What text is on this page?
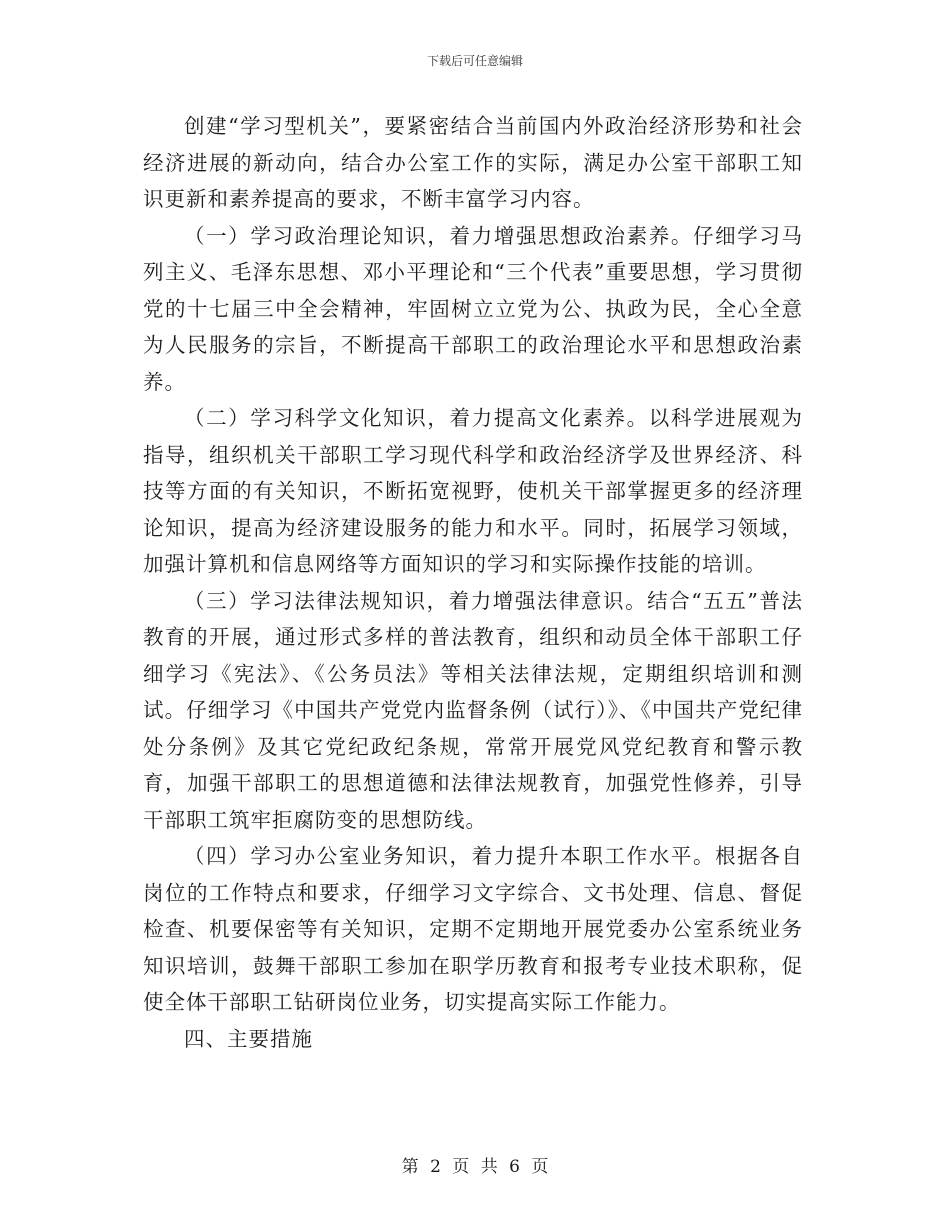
下载后可任意编辑

创建“学习型机关”，要紧密结合当前国内外政治经济形势和社会经济进展的新动向，结合办公室工作的实际，满足办公室干部职工知识更新和素养提高的要求，不断丰富学习内容。

（一）学习政治理论知识，着力增强思想政治素养。仔细学习马列主义、毛泽东思想、邓小平理论和“三个代表”重要思想，学习贯彻党的十七届三中全会精神，牢固树立立党为公、执政为民，全心全意为人民服务的宗旨，不断提高干部职工的政治理论水平和思想政治素养。

（二）学习科学文化知识，着力提高文化素养。以科学进展观为指导，组织机关干部职工学习现代科学和政治经济学及世界经济、科技等方面的有关知识，不断拓宽视野，使机关干部掌握更多的经济理论知识，提高为经济建设服务的能力和水平。同时，拓展学习领域，加强计算机和信息网络等方面知识的学习和实际操作技能的培训。

（三）学习法律法规知识，着力增强法律意识。结合“五五”普法教育的开展，通过形式多样的普法教育，组织和动员全体干部职工仔细学习《宪法》、《公务员法》等相关法律法规，定期组织培训和测试。仔细学习《中国共产党党内监督条例（试行）》、《中国共产党纪律处分条例》及其它党纪政纪条规，常常开展党风党纪教育和警示教育，加强干部职工的思想道德和法律法规教育，加强党性修养，引导干部职工筑牢拒腐防变的思想防线。

（四）学习办公室业务知识，着力提升本职工作水平。根据各自岗位的工作特点和要求，仔细学习文字综合、文书处理、信息、督促检查、机要保密等有关知识，定期不定期地开展党委办公室系统业务知识培训，鼓舞干部职工参加在职学历教育和报考专业技术职称，促使全体干部职工钻研岗位业务，切实提高实际工作能力。

四、主要措施

第 2 页 共 6 页
